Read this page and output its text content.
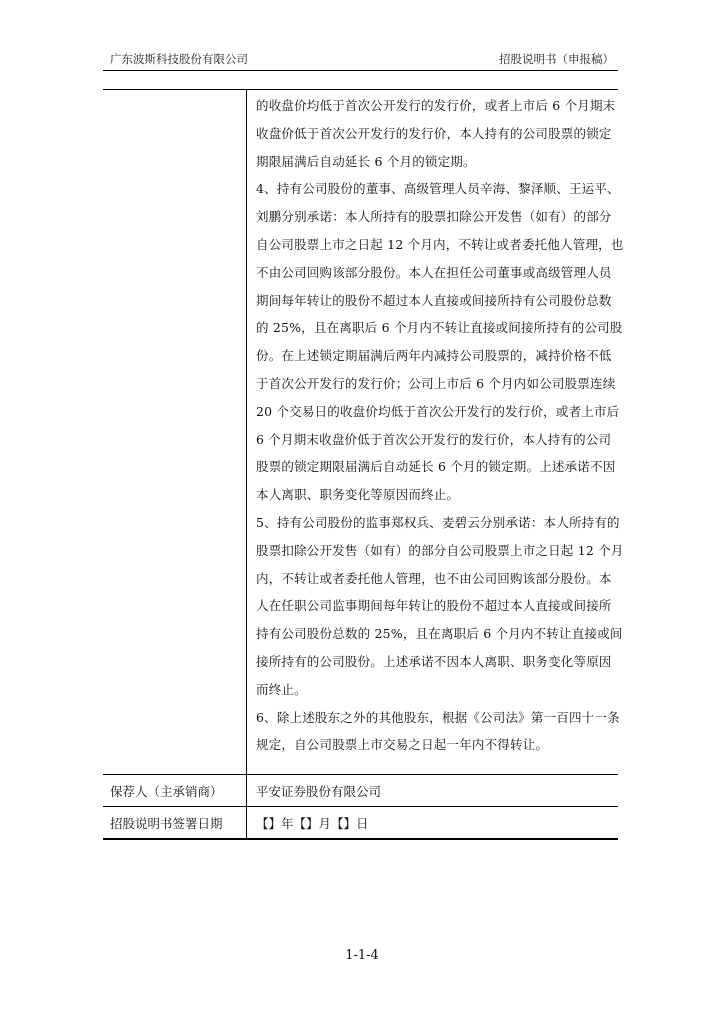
广东波斯科技股份有限公司	招股说明书（申报稿）

的收盘价均低于首次公开发行的发行价，或者上市后 6 个月期末

收盘价低于首次公开发行的发行价，本人持有的公司股票的锁定

期限届满后自动延长 6 个月的锁定期。

4、持有公司股份的董事、高级管理人员辛海、黎泽顺、王运平、

刘鹏分别承诺：本人所持有的股票扣除公开发售（如有）的部分

自公司股票上市之日起 12 个月内，不转让或者委托他人管理，也

不由公司回购该部分股份。本人在担任公司董事或高级管理人员

期间每年转让的股份不超过本人直接或间接所持有公司股份总数

的 25%，且在离职后 6 个月内不转让直接或间接所持有的公司股

份。在上述锁定期届满后两年内减持公司股票的，减持价格不低

于首次公开发行的发行价；公司上市后 6 个月内如公司股票连续

20 个交易日的收盘价均低于首次公开发行的发行价，或者上市后

6 个月期末收盘价低于首次公开发行的发行价，本人持有的公司

股票的锁定期限届满后自动延长 6 个月的锁定期。上述承诺不因

本人离职、职务变化等原因而终止。

5、持有公司股份的监事郑权兵、麦碧云分别承诺：本人所持有的

股票扣除公开发售（如有）的部分自公司股票上市之日起 12 个月

内，不转让或者委托他人管理，也不由公司回购该部分股份。本

人在任职公司监事期间每年转让的股份不超过本人直接或间接所

持有公司股份总数的 25%，且在离职后 6 个月内不转让直接或间

接所持有的公司股份。上述承诺不因本人离职、职务变化等原因

而终止。

6、除上述股东之外的其他股东，根据《公司法》第一百四十一条

规定，自公司股票上市交易之日起一年内不得转让。

保荐人（主承销商）	平安证券股份有限公司
招股说明书签署日期	【】年【】月【】日
1-1-4
